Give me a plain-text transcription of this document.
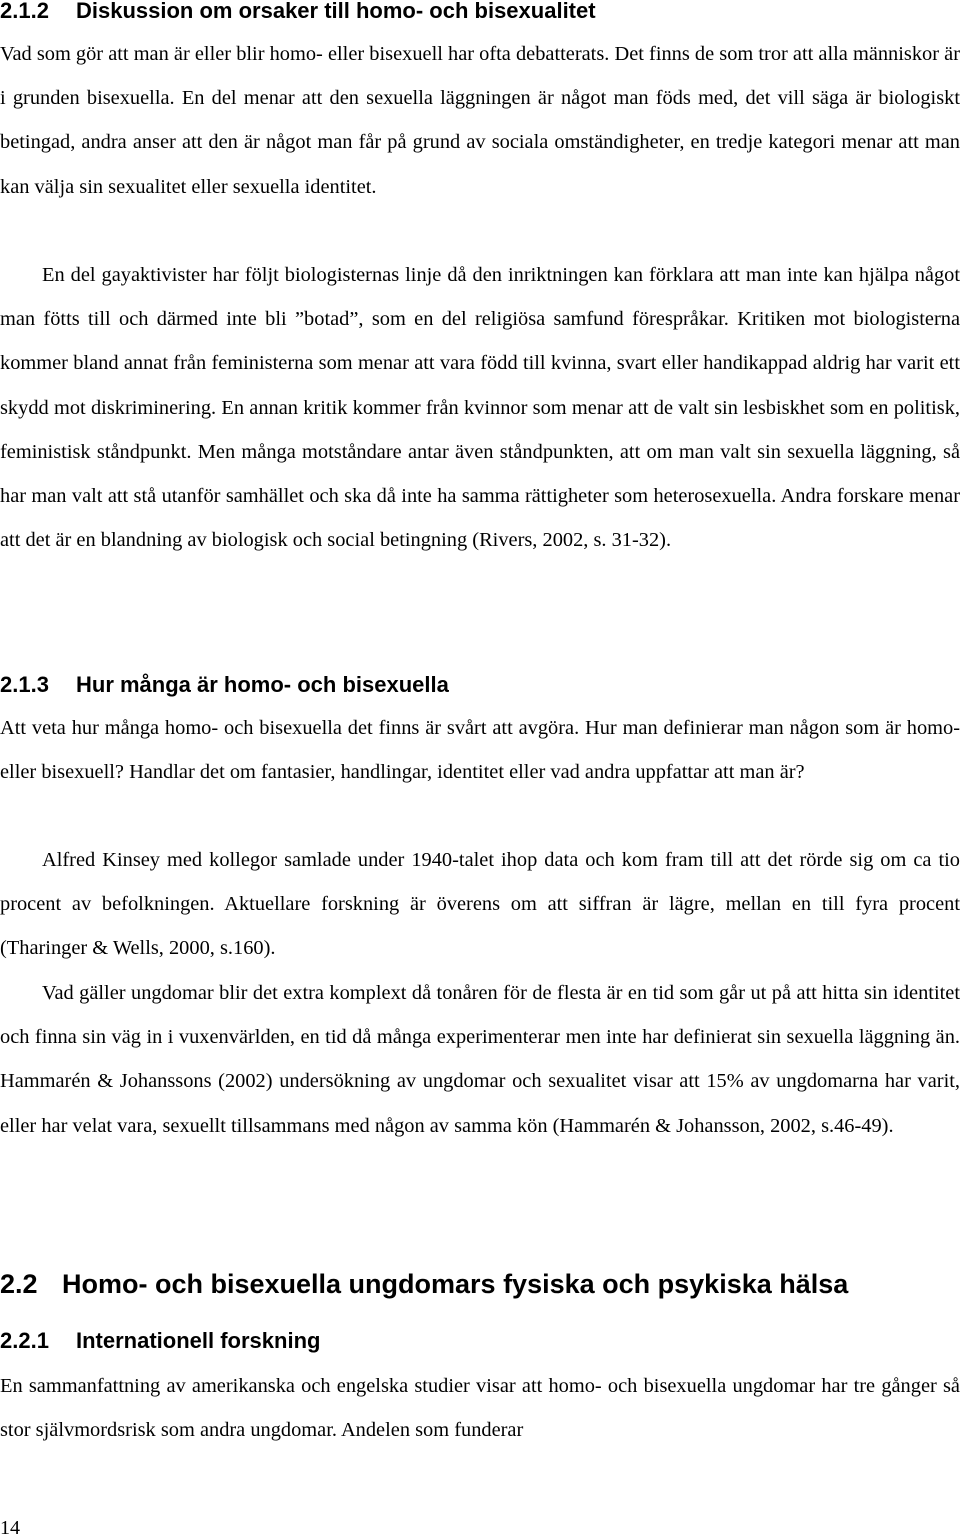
2.1.2 Diskussion om orsaker till homo- och bisexualitet

Vad som gör att man är eller blir homo- eller bisexuell har ofta debatterats. Det finns de som tror att alla människor är i grunden bisexuella. En del menar att den sexuella läggningen är något man föds med, det vill säga är biologiskt betingad, andra anser att den är något man får på grund av sociala omständigheter, en tredje kategori menar att man kan välja sin sexualitet eller sexuella identitet.

En del gayaktivister har följt biologisternas linje då den inriktningen kan förklara att man inte kan hjälpa något man fötts till och därmed inte bli ”botad”, som en del religiösa samfund förespråkar. Kritiken mot biologisterna kommer bland annat från feministerna som menar att vara född till kvinna, svart eller handikappad aldrig har varit ett skydd mot diskriminering. En annan kritik kommer från kvinnor som menar att de valt sin lesbiskhet som en politisk, feministisk ståndpunkt. Men många motståndare antar även ståndpunkten, att om man valt sin sexuella läggning, så har man valt att stå utanför samhället och ska då inte ha samma rättigheter som heterosexuella. Andra forskare menar att det är en blandning av biologisk och social betingning (Rivers, 2002, s. 31-32).

2.1.3 Hur många är homo- och bisexuella

Att veta hur många homo- och bisexuella det finns är svårt att avgöra. Hur man definierar man någon som är homo- eller bisexuell? Handlar det om fantasier, handlingar, identitet eller vad andra uppfattar att man är?

Alfred Kinsey med kollegor samlade under 1940-talet ihop data och kom fram till att det rörde sig om ca tio procent av befolkningen. Aktuellare forskning är överens om att siffran är lägre, mellan en till fyra procent (Tharinger & Wells, 2000, s.160).

Vad gäller ungdomar blir det extra komplext då tonåren för de flesta är en tid som går ut på att hitta sin identitet och finna sin väg in i vuxenvärlden, en tid då många experimenterar men inte har definierat sin sexuella läggning än. Hammarén & Johanssons (2002) undersökning av ungdomar och sexualitet visar att 15% av ungdomarna har varit, eller har velat vara, sexuellt tillsammans med någon av samma kön (Hammarén & Johansson, 2002, s.46-49).

2.2 Homo- och bisexuella ungdomars fysiska och psykiska hälsa
2.2.1 Internationell forskning

En sammanfattning av amerikanska och engelska studier visar att homo- och bisexuella ungdomar har tre gånger så stor självmordsrisk som andra ungdomar. Andelen som funderar

14
